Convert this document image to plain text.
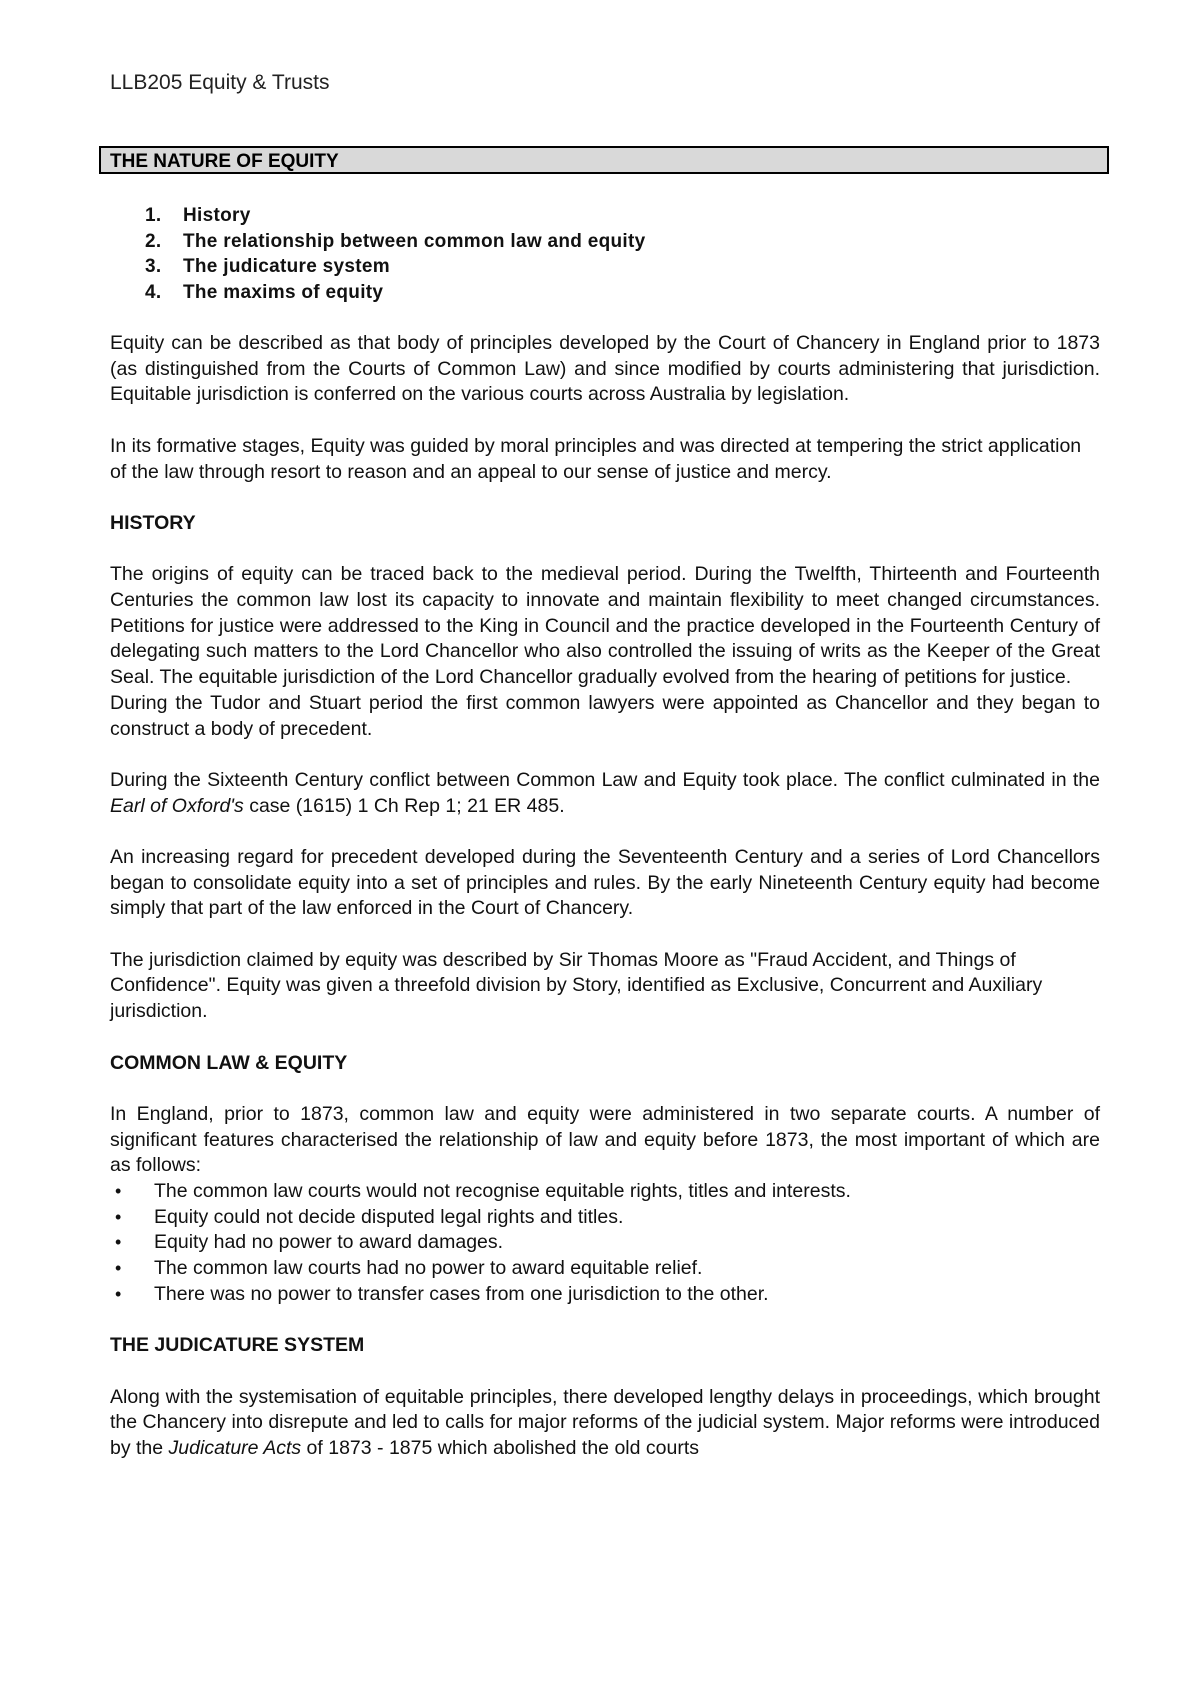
LLB205 Equity & Trusts
THE NATURE OF EQUITY
1. History
2. The relationship between common law and equity
3. The judicature system
4. The maxims of equity

Equity can be described as that body of principles developed by the Court of Chancery in England prior to 1873 (as distinguished from the Courts of Common Law) and since modified by courts administering that jurisdiction. Equitable jurisdiction is conferred on the various courts across Australia by legislation.

In its formative stages, Equity was guided by moral principles and was directed at tempering the strict application of the law through resort to reason and an appeal to our sense of justice and mercy.

HISTORY

The origins of equity can be traced back to the medieval period. During the Twelfth, Thirteenth and Fourteenth Centuries the common law lost its capacity to innovate and maintain flexibility to meet changed circumstances. Petitions for justice were addressed to the King in Council and the practice developed in the Fourteenth Century of delegating such matters to the Lord Chancellor who also controlled the issuing of writs as the Keeper of the Great Seal. The equitable jurisdiction of the Lord Chancellor gradually evolved from the hearing of petitions for justice.

During the Tudor and Stuart period the first common lawyers were appointed as Chancellor and they began to construct a body of precedent.

During the Sixteenth Century conflict between Common Law and Equity took place. The conflict culminated in the Earl of Oxford's case (1615) 1 Ch Rep 1; 21 ER 485.

An increasing regard for precedent developed during the Seventeenth Century and a series of Lord Chancellors began to consolidate equity into a set of principles and rules. By the early Nineteenth Century equity had become simply that part of the law enforced in the Court of Chancery.

The jurisdiction claimed by equity was described by Sir Thomas Moore as "Fraud Accident, and Things of Confidence". Equity was given a threefold division by Story, identified as Exclusive, Concurrent and Auxiliary jurisdiction.

COMMON LAW & EQUITY

In England, prior to 1873, common law and equity were administered in two separate courts. A number of significant features characterised the relationship of law and equity before 1873, the most important of which are as follows:

• The common law courts would not recognise equitable rights, titles and interests.
• Equity could not decide disputed legal rights and titles.
• Equity had no power to award damages.
• The common law courts had no power to award equitable relief.
• There was no power to transfer cases from one jurisdiction to the other.
THE JUDICATURE SYSTEM

Along with the systemisation of equitable principles, there developed lengthy delays in proceedings, which brought the Chancery into disrepute and led to calls for major reforms of the judicial system. Major reforms were introduced by the Judicature Acts of 1873 - 1875 which abolished the old courts
